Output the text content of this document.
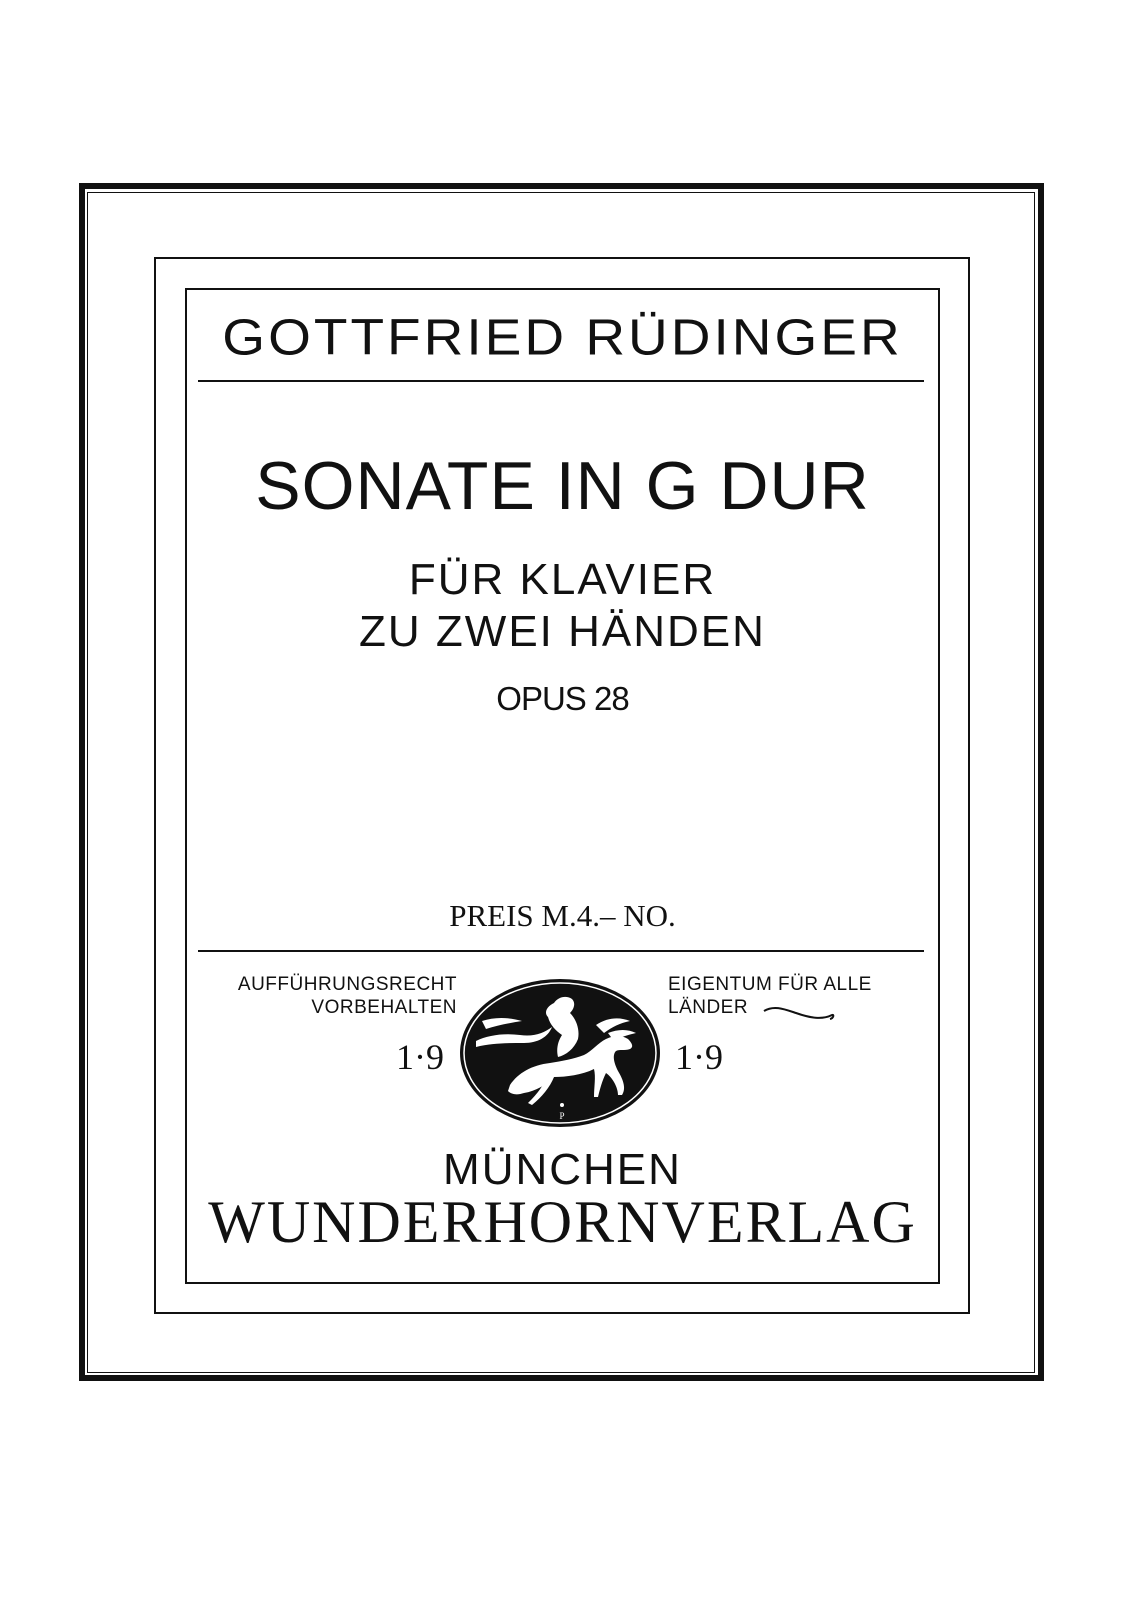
GOTTFRIED RÜDINGER
SONATE IN G DUR
FÜR KLAVIER
ZU ZWEI HÄNDEN
OPUS 28
PREIS M.4.– NO.
AUFFÜHRUNGSRECHT
VORBEHALTEN
EIGENTUM FÜR ALLE
LÄNDER
1·9	1·9
P
MÜNCHEN
WUNDERHORNVERLAG
